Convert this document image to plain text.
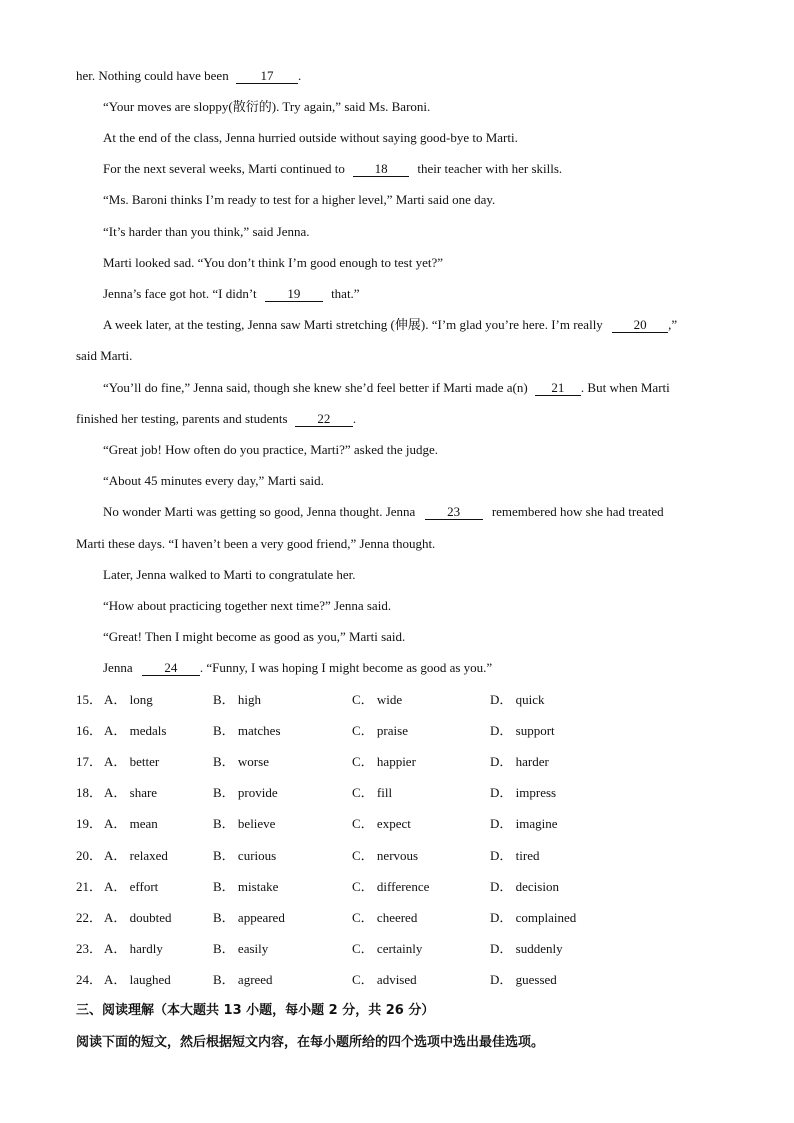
her. Nothing could have been 17 .
“Your moves are sloppy(散衍的). Try again,” said Ms. Baroni.
At the end of the class, Jenna hurried outside without saying good-bye to Marti.
For the next several weeks, Marti continued to 18 their teacher with her skills.
“Ms. Baroni thinks I’m ready to test for a higher level,” Marti said one day.
“It’s harder than you think,” said Jenna.
Marti looked sad. “You don’t think I’m good enough to test yet?”
Jenna’s face got hot. “I didn’t 19 that.”
A week later, at the testing, Jenna saw Marti stretching (伸展). “I’m glad you’re here. I’m really 20 ,”
said Marti.
“You’ll do fine,” Jenna said, though she knew she’d feel better if Marti made a(n) 21 . But when Marti
finished her testing, parents and students 22 .
“Great job! How often do you practice, Marti?” asked the judge.
“About 45 minutes every day,” Marti said.
No wonder Marti was getting so good, Jenna thought. Jenna 23 remembered how she had treated
Marti these days. “I haven’t been a very good friend,” Jenna thought.
Later, Jenna walked to Marti to congratulate her.
“How about practicing together next time?” Jenna said.
“Great! Then I might become as good as you,” Marti said.
Jenna 24 . “Funny, I was hoping I might become as good as you.”
15． A． long	B． high	C． wide	D． quick
16． A． medals	B． matches	C． praise	D． support
17． A． better	B． worse	C． happier	D． harder
18． A． share	B． provide	C． fill	D． impress
19． A． mean	B． believe	C． expect	D． imagine
20． A． relaxed	B． curious	C． nervous	D． tired
21． A． effort	B． mistake	C． difference	D． decision
22． A． doubted	B． appeared	C． cheered	D． complained
23． A． hardly	B． easily	C． certainly	D． suddenly
24． A． laughed	B． agreed	C． advised	D． guessed
三、阅读理解（本大题共 13 小题，每小题 2 分，共 26 分）
阅读下面的短文，然后根据短文内容，在每小题所给的四个选项中选出最佳选项。
